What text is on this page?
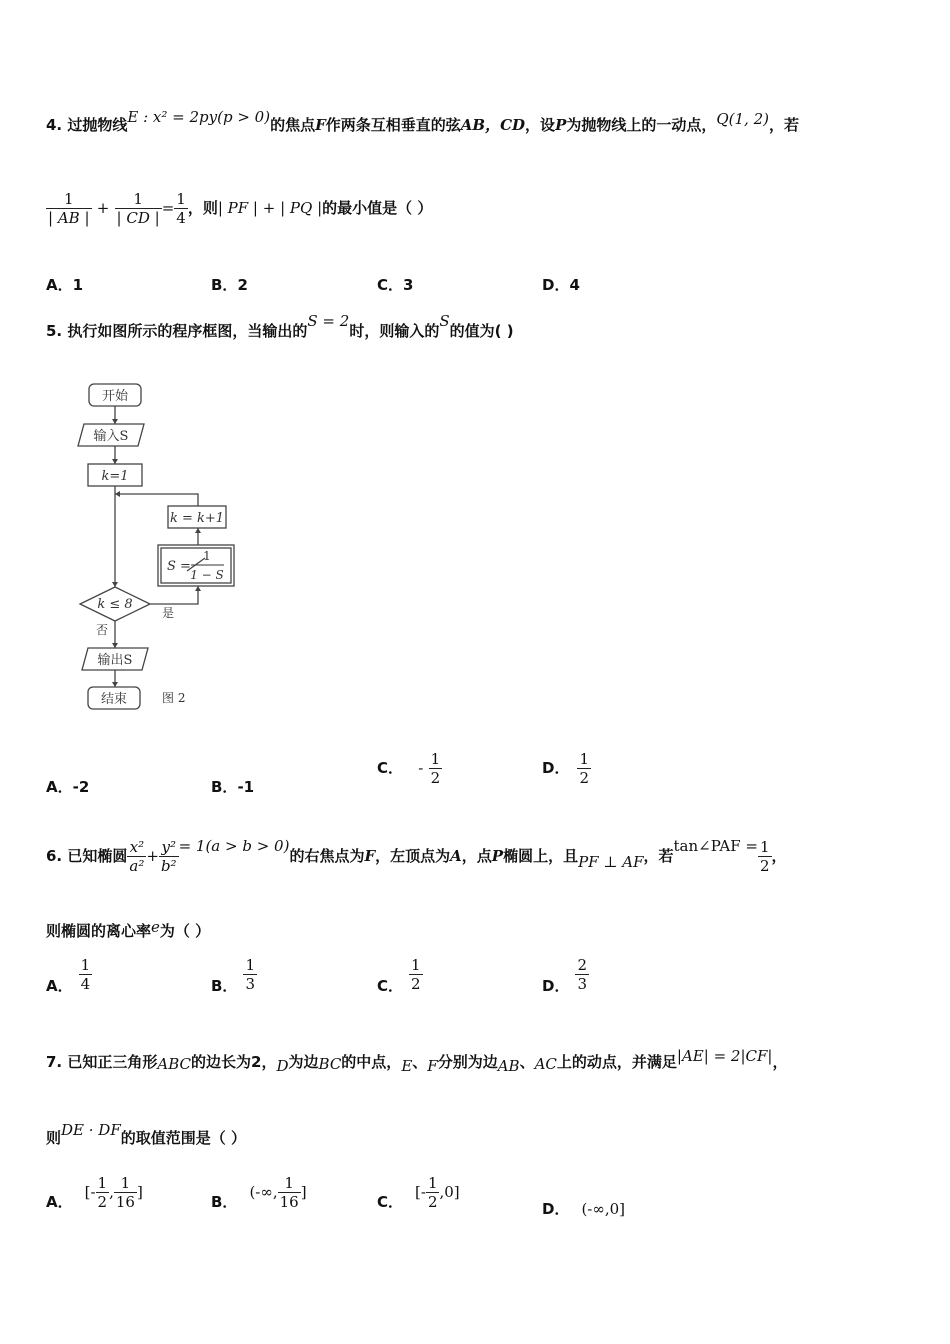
4. 过抛物线E : x² = 2py(p > 0)的焦点F作两条互相垂直的弦AB，CD，设P为抛物线上的一动点，Q(1, 2)，若
$\frac{1}{| AB |} + \frac{1}{| CD |} = \frac{1}{4}$ ，则| PF | + | PQ |的最小值是（ ）
A．1	B．2	C．3	D．4
5. 执行如图所示的程序框图，当输出的S = 2时，则输入的S的值为( )
开始
输入S
k=1
k = k+1
S =
1
1 − S
k ≤ 8
是
否
输出S
结束	图 2
A．-2	B．-1
C． - $\frac{1}{2}$	D． $\frac{1}{2}$
6. 已知椭圆 $\frac{\text{x²}}{\text{a²}} + \frac{\text{y²}}{\text{b²}} = 1(a > b > 0)$的右焦点为F，左顶点为A，点P椭圆上，且PF ⊥ AF，若tan∠PAF = $\frac{1}{2}$ ，
则椭圆的离心率e为（ ）
A． $\frac{1}{4}$	B． $\frac{1}{3}$	C． $\frac{1}{2}$	D． $\frac{2}{3}$
7. 已知正三角形ABC的边长为2，D为边BC的中点，E、F分别为边AB、AC上的动点，并满足|AE| = 2|CF|，
则DE · DF的取值范围是（ ）
A．[- $\frac{1}{2}$ , $\frac{1}{16}$ ]
B．(-∞, $\frac{1}{16}$ ]
C．[- $\frac{1}{2} ,0$]
D． (-∞,0]
